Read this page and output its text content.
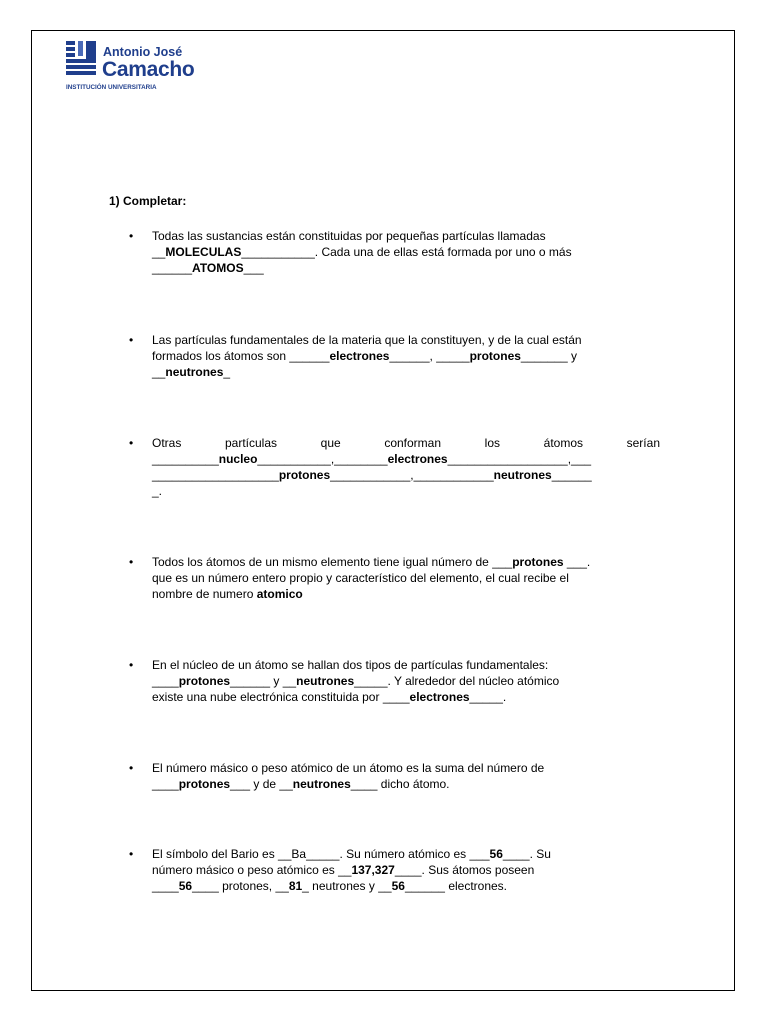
Antonio José
Camacho
INSTITUCIÓN UNIVERSITARIA
1) Completar:
• Todas las sustancias están constituidas por pequeñas partículas llamadas

__MOLECULAS___________. Cada una de ellas está formada por uno o más

______ATOMOS___

• Las partículas fundamentales de la materia que la constituyen, y de la cual están

formados los átomos son ______electrones______, _____protones_______ y

__neutrones_

• Otras partículas que conforman los átomos serían

__________nucleo___________,________electrones__________________,___

___________________protones____________,____________neutrones______

_.

• Todos los átomos de un mismo elemento tiene igual número de ___protones ___.

que es un número entero propio y característico del elemento, el cual recibe el

nombre de numero atomico

• En el núcleo de un átomo se hallan dos tipos de partículas fundamentales:

____protones______ y __neutrones_____. Y alrededor del núcleo atómico

existe una nube electrónica constituida por ____electrones_____.

• El número másico o peso atómico de un átomo es la suma del número de

____protones___ y de __neutrones____ dicho átomo.

• El símbolo del Bario es __Ba_____. Su número atómico es ___56____. Su

número másico o peso atómico es __137,327____. Sus átomos poseen

____56____ protones, __81_ neutrones y __56______ electrones.
